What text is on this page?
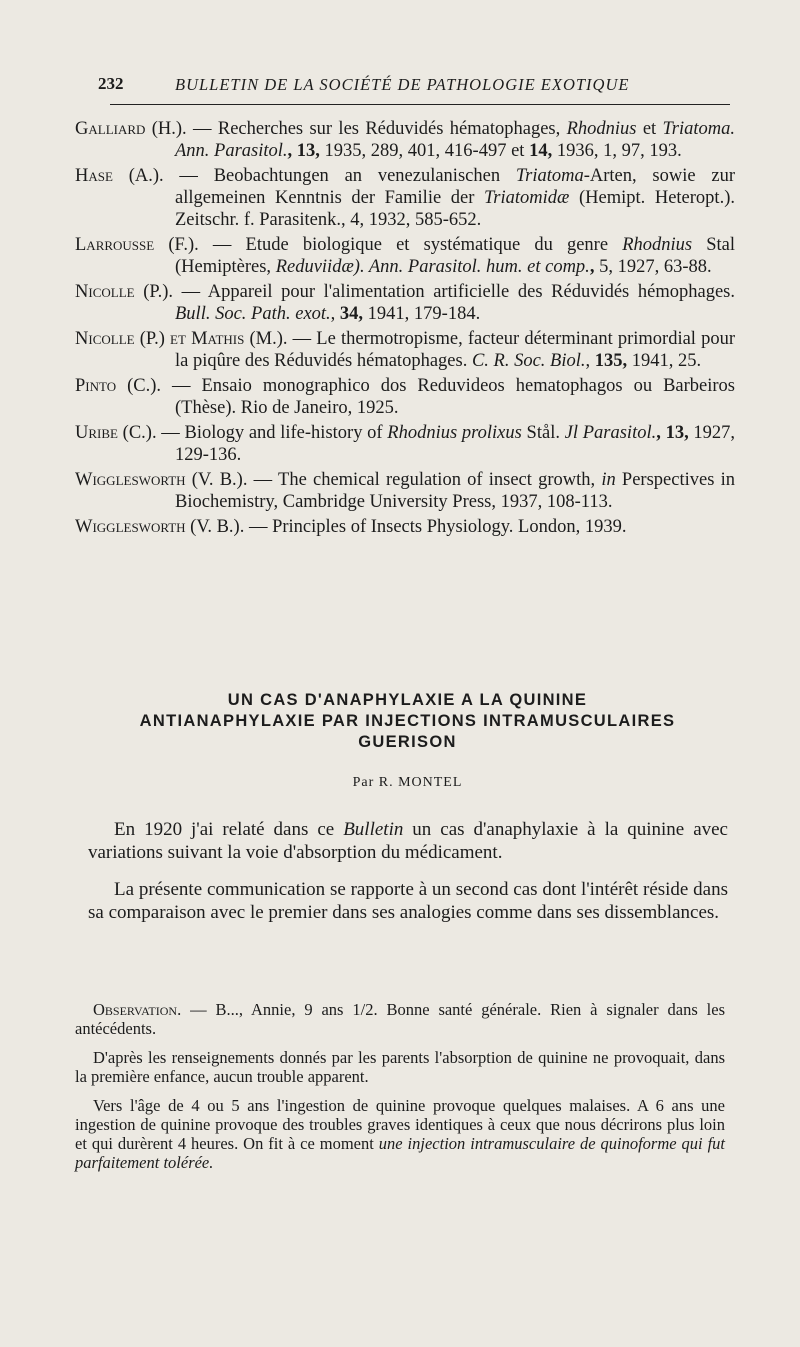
232	BULLETIN DE LA SOCIÉTÉ DE PATHOLOGIE EXOTIQUE
Galliard (H.). — Recherches sur les Réduvidés hématophages, Rhodnius et Triatoma. Ann. Parasitol., 13, 1935, 289, 401, 416-497 et 14, 1936, 1, 97, 193.
Hase (A.). — Beobachtungen an venezulanischen Triatoma-Arten, sowie zur allgemeinen Kenntnis der Familie der Triatomidæ (Hemipt. Heteropt.). Zeitschr. f. Parasitenk., 4, 1932, 585-652.
Larrousse (F.). — Etude biologique et systématique du genre Rhodnius Stal (Hemiptères, Reduviidæ). Ann. Parasitol. hum. et comp., 5, 1927, 63-88.
Nicolle (P.). — Appareil pour l'alimentation artificielle des Réduvidés hémophages. Bull. Soc. Path. exot., 34, 1941, 179-184.
Nicolle (P.) et Mathis (M.). — Le thermotropisme, facteur déterminant primordial pour la piqûre des Réduvidés hématophages. C. R. Soc. Biol., 135, 1941, 25.
Pinto (C.). — Ensaio monographico dos Reduvideos hematophagos ou Barbeiros (Thèse). Rio de Janeiro, 1925.
Uribe (C.). — Biology and life-history of Rhodnius prolixus Stål. Jl Parasitol., 13, 1927, 129-136.
Wigglesworth (V. B.). — The chemical regulation of insect growth, in Perspectives in Biochemistry, Cambridge University Press, 1937, 108-113.
Wigglesworth (V. B.). — Principles of Insects Physiology. London, 1939.
UN CAS D'ANAPHYLAXIE A LA QUININE
ANTIANAPHYLAXIE PAR INJECTIONS INTRAMUSCULAIRES
GUERISON
Par R. MONTEL

En 1920 j'ai relaté dans ce Bulletin un cas d'anaphylaxie à la quinine avec variations suivant la voie d'absorption du médicament.

La présente communication se rapporte à un second cas dont l'intérêt réside dans sa comparaison avec le premier dans ses analogies comme dans ses dissemblances.

Observation. — B..., Annie, 9 ans 1/2. Bonne santé générale. Rien à signaler dans les antécédents.

D'après les renseignements donnés par les parents l'absorption de quinine ne provoquait, dans la première enfance, aucun trouble apparent.

Vers l'âge de 4 ou 5 ans l'ingestion de quinine provoque quelques malaises. A 6 ans une ingestion de quinine provoque des troubles graves identiques à ceux que nous décrirons plus loin et qui durèrent 4 heures. On fit à ce moment une injection intramusculaire de quinoforme qui fut parfaitement tolérée.
